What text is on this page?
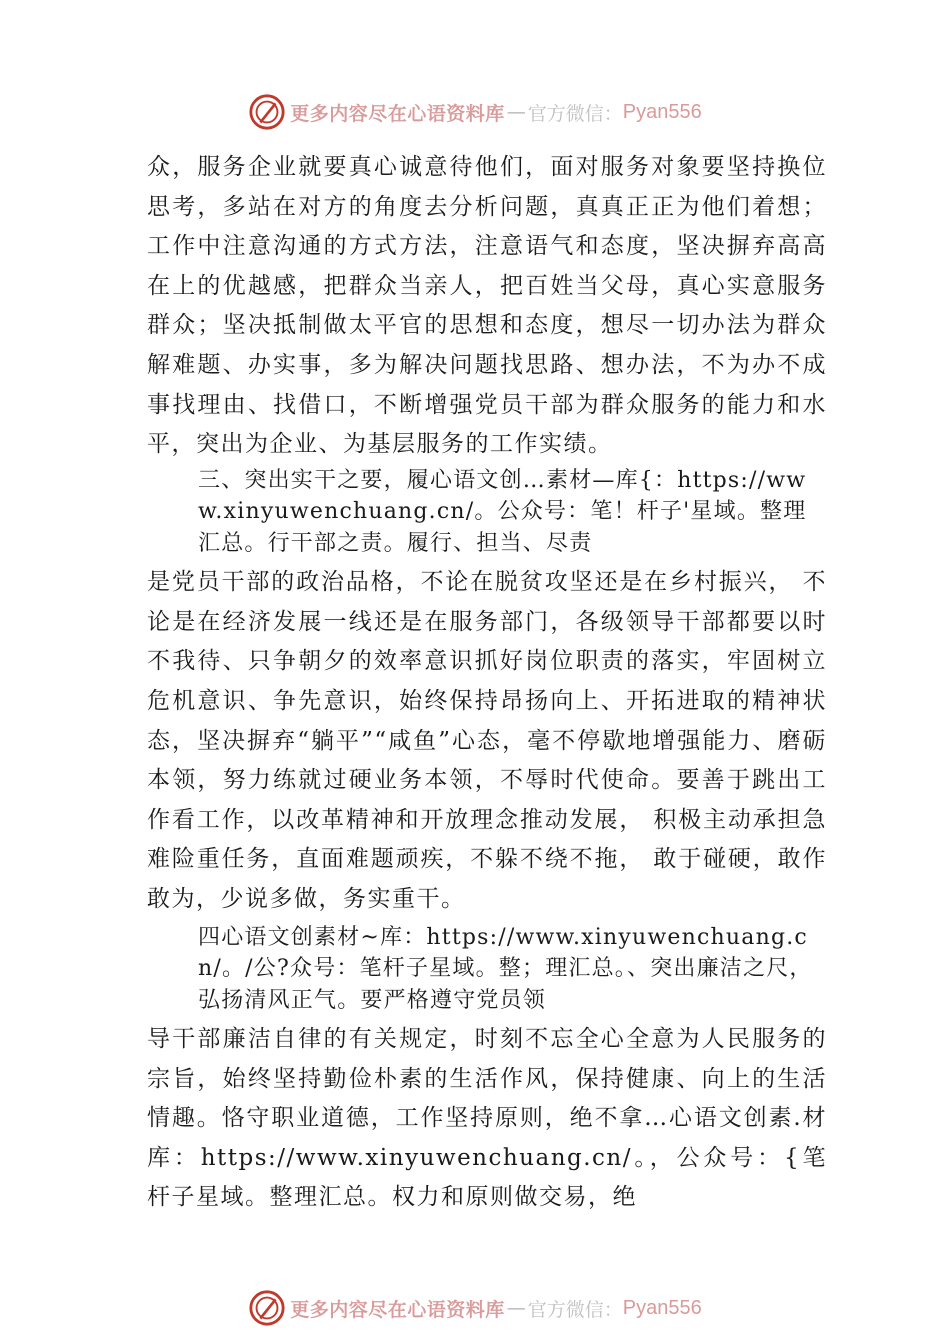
更多内容尽在心语资料库 — 官方微信： Pyan556

众，服务企业就要真心诚意待他们，面对服务对象要坚持换位思考，多站在对方的角度去分析问题，真真正正为他们着想；工作中注意沟通的方式方法，注意语气和态度，坚决摒弃高高在上的优越感，把群众当亲人，把百姓当父母，真心实意服务群众；坚决抵制做太平官的思想和态度，想尽一切办法为群众解难题、办实事，多为解决问题找思路、想办法，不为办不成事找理由、找借口，不断增强党员干部为群众服务的能力和水平，突出为企业、为基层服务的工作实绩。

三、突出实干之要，履心语文创…素材—库{：https://www.xinyuwenchuang.cn/。公众号：笔！杆子'星域。整理汇总。行干部之责。履行、担当、尽责

是党员干部的政治品格，不论在脱贫攻坚还是在乡村振兴， 不论是在经济发展一线还是在服务部门，各级领导干部都要以时不我待、只争朝夕的效率意识抓好岗位职责的落实，牢固树立危机意识、争先意识，始终保持昂扬向上、开拓进取的精神状态，坚决摒弃“躺平”“咸鱼”心态，毫不停歇地增强能力、磨砺本领，努力练就过硬业务本领，不辱时代使命。要善于跳出工作看工作，以改革精神和开放理念推动发展， 积极主动承担急难险重任务，直面难题顽疾，不躲不绕不拖， 敢于碰硬，敢作敢为，少说多做，务实重干。

四心语文创素材~库：https://www.xinyuwenchuang.cn/。/公?众号：笔杆子星域。整；理汇总。、突出廉洁之尺，弘扬清风正气。要严格遵守党员领

导干部廉洁自律的有关规定，时刻不忘全心全意为人民服务的宗旨，始终坚持勤俭朴素的生活作风，保持健康、向上的生活情趣。恪守职业道德，工作坚持原则，绝不拿…心语文创素.材库：https://www.xinyuwenchuang.cn/。，公众号：{笔杆子星域。整理汇总。权力和原则做交易，绝

更多内容尽在心语资料库 — 官方微信： Pyan556
